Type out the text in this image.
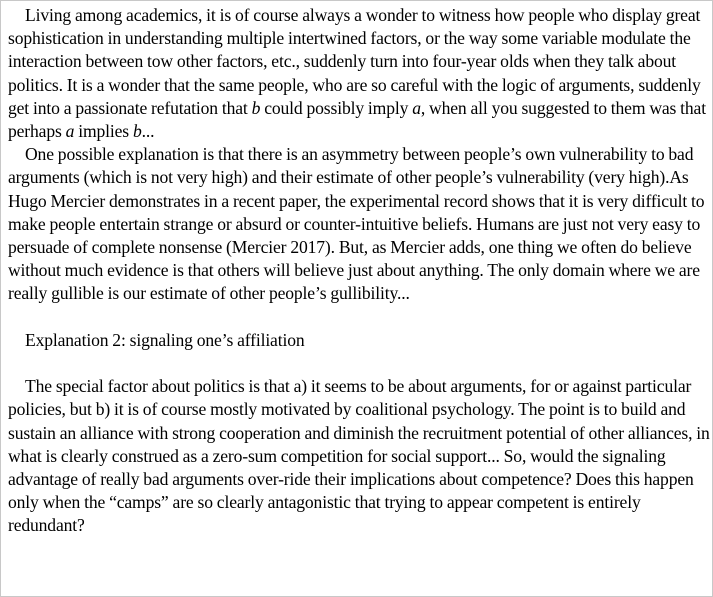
Living among academics, it is of course always a wonder to witness how people who display great sophistication in understanding multiple intertwined factors, or the way some variable modulate the interaction between tow other factors, etc., suddenly turn into four-year olds when they talk about politics. It is a wonder that the same people, who are so careful with the logic of arguments, suddenly get into a passionate refutation that b could possibly imply a, when all you suggested to them was that perhaps a implies b...

One possible explanation is that there is an asymmetry between people’s own vulnerability to bad arguments (which is not very high) and their estimate of other people’s vulnerability (very high).As Hugo Mercier demonstrates in a recent paper, the experimental record shows that it is very difficult to make people entertain strange or absurd or counter-intuitive beliefs. Humans are just not very easy to persuade of complete nonsense (Mercier 2017). But, as Mercier adds, one thing we often do believe without much evidence is that others will believe just about anything. The only domain where we are really gullible is our estimate of other people’s gullibility...

Explanation 2: signaling one’s affiliation

The special factor about politics is that a) it seems to be about arguments, for or against particular policies, but b) it is of course mostly motivated by coalitional psychology. The point is to build and sustain an alliance with strong cooperation and diminish the recruitment potential of other alliances, in what is clearly construed as a zero-sum competition for social support... So, would the signaling advantage of really bad arguments over-ride their implications about competence? Does this happen only when the “camps” are so clearly antagonistic that trying to appear competent is entirely redundant?
